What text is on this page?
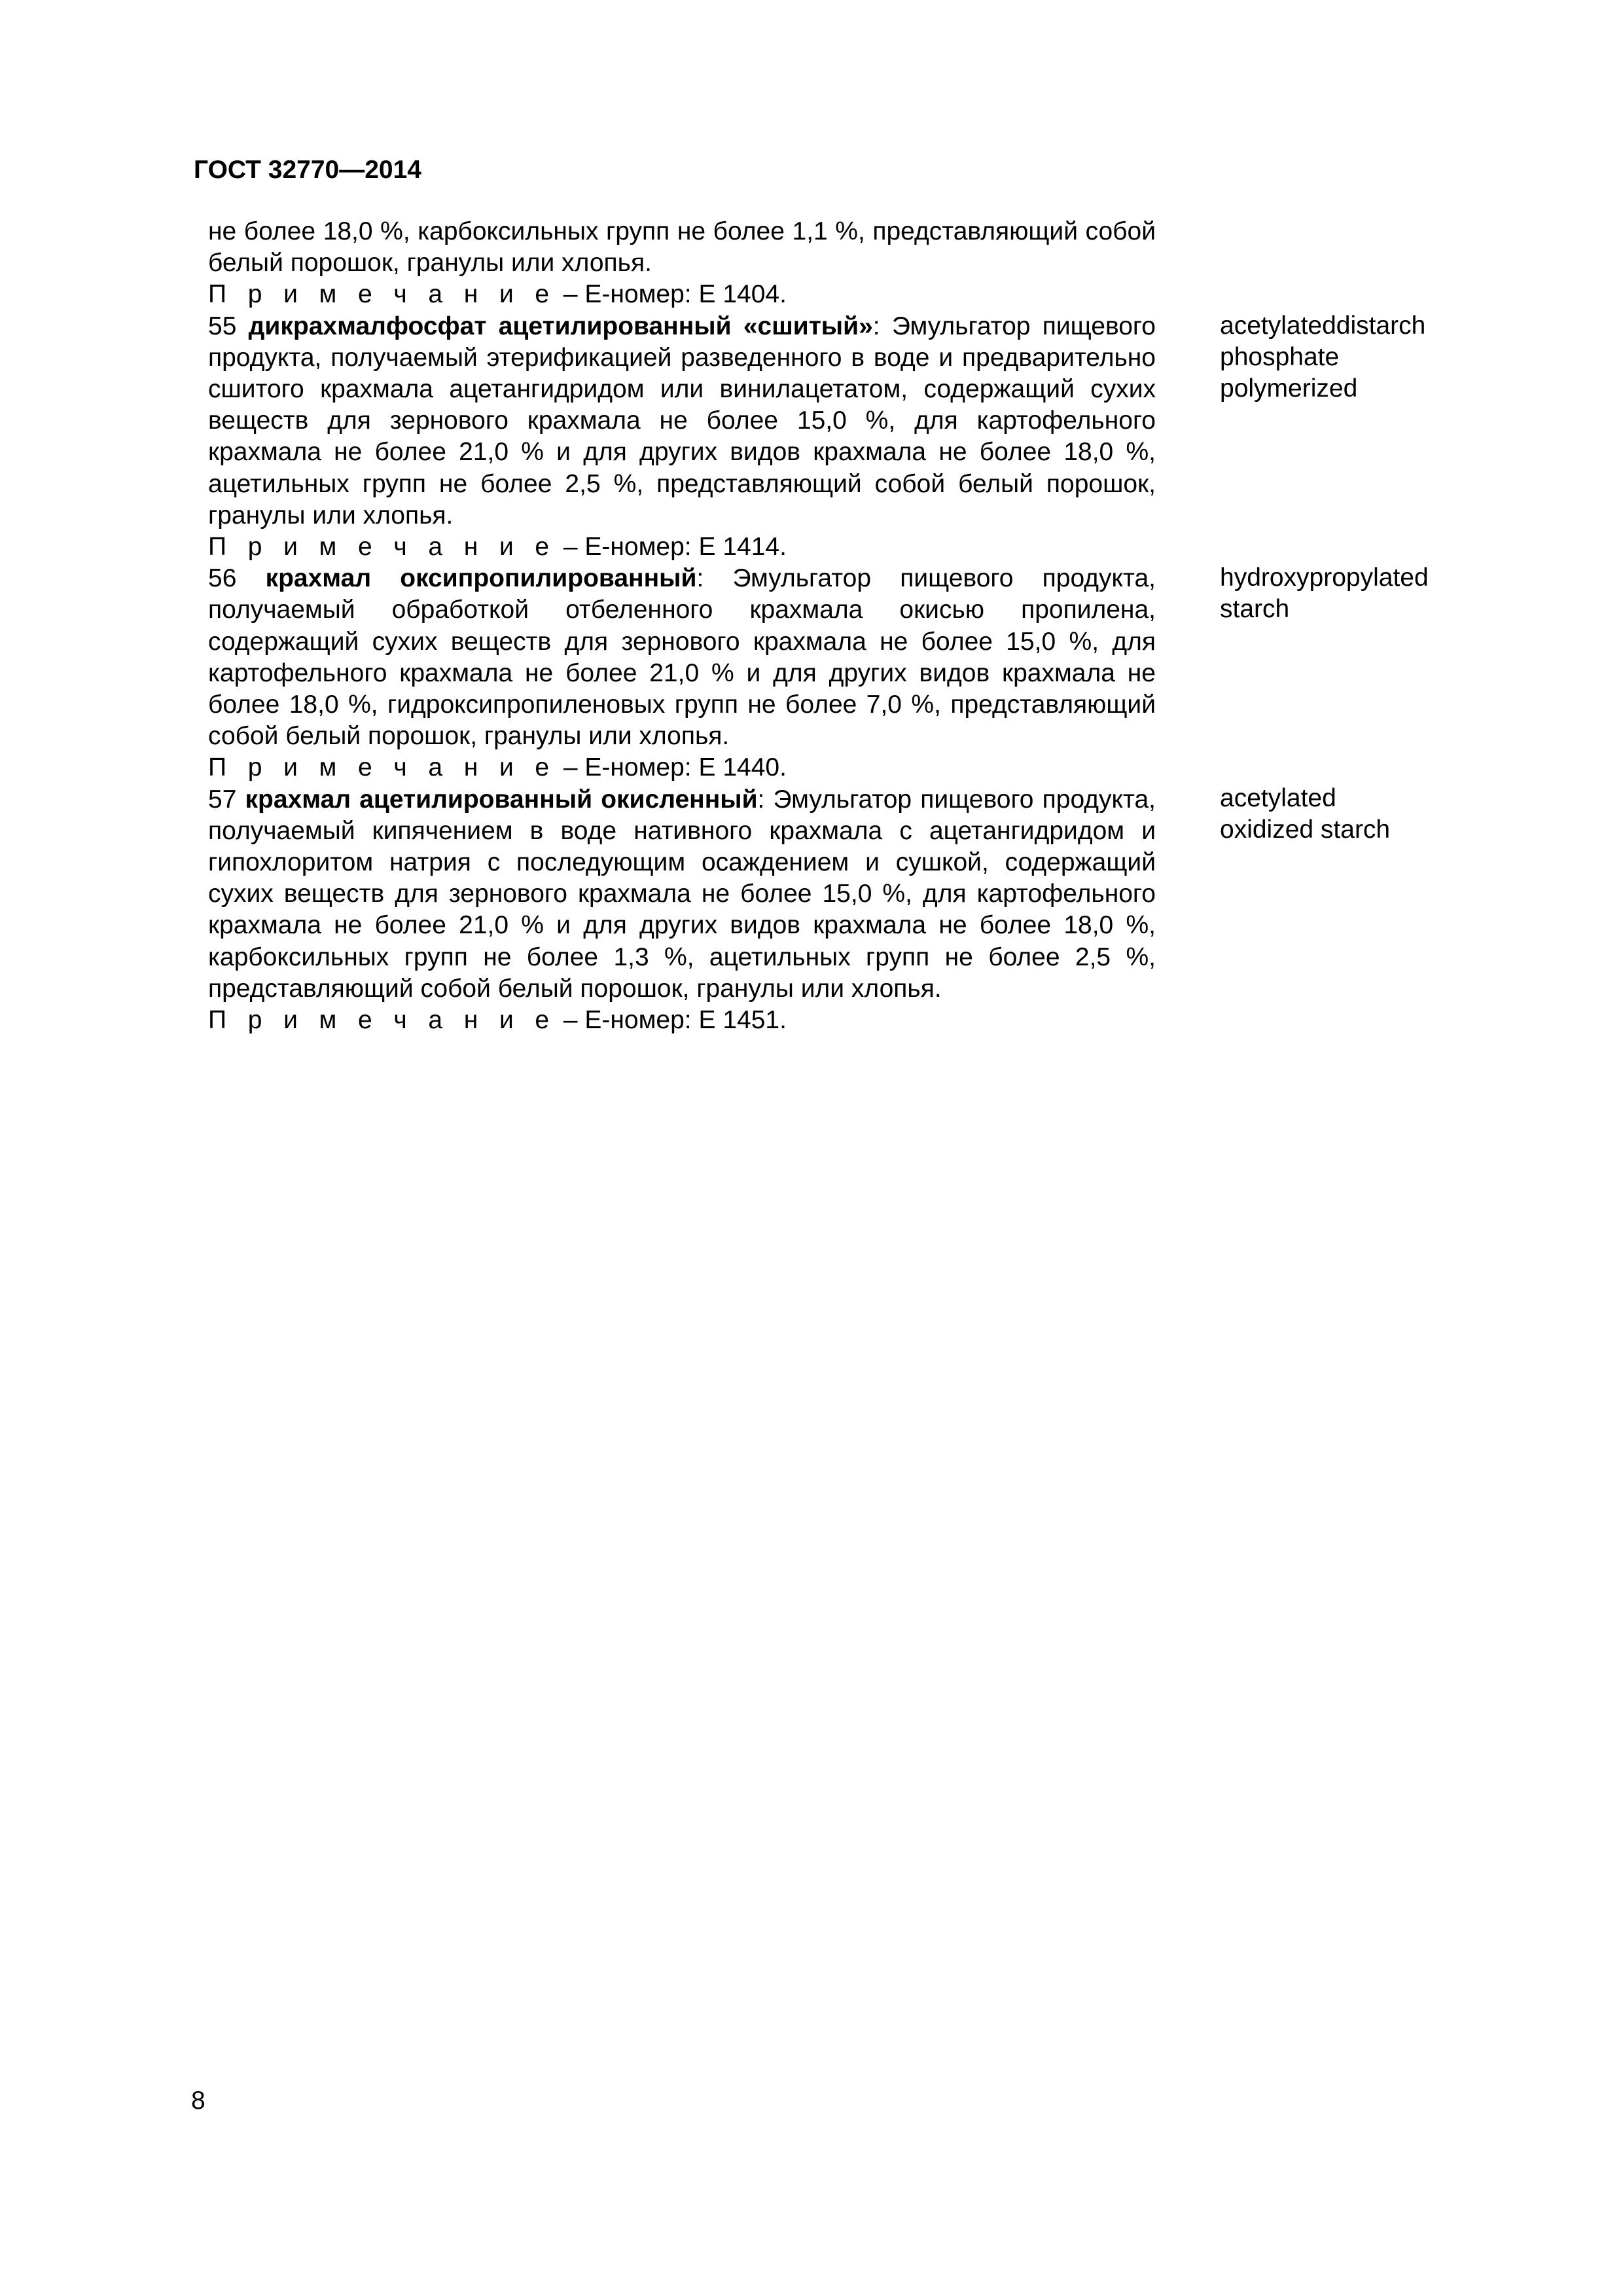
ГОСТ 32770—2014

не более 18,0 %, карбоксильных групп не более 1,1 %, представляющий собой белый порошок, гранулы или хлопья.

П р и м е ч а н и е – Е-номер: Е 1404.

55 дикрахмалфосфат ацетилированный «сшитый»: Эмульгатор пищевого продукта, получаемый этерификацией разведенного в воде и предварительно сшитого крахмала ацетангидридом или винилацетатом, содержащий сухих веществ для зернового крахмала не более 15,0 %, для картофельного крахмала не более 21,0 % и для других видов крахмала не более 18,0 %, ацетильных групп не более 2,5 %, представляющий собой белый порошок, гранулы или хлопья.

П р и м е ч а н и е – Е-номер: Е 1414.

56 крахмал оксипропилированный: Эмульгатор пищевого продукта, получаемый обработкой отбеленного крахмала окисью пропилена, содержащий сухих веществ для зернового крахмала не более 15,0 %, для картофельного крахмала не более 21,0 % и для других видов крахмала не более 18,0 %, гидроксипропиленовых групп не более 7,0 %, представляющий собой белый порошок, гранулы или хлопья.

П р и м е ч а н и е – Е-номер: Е 1440.

57 крахмал ацетилированный окисленный: Эмульгатор пищевого продукта, получаемый кипячением в воде нативного крахмала с ацетангидридом и гипохлоритом натрия с последующим осаждением и сушкой, содержащий сухих веществ для зернового крахмала не более 15,0 %, для картофельного крахмала не более 21,0 % и для других видов крахмала не более 18,0 %, карбоксильных групп не более 1,3 %, ацетильных групп не более 2,5 %, представляющий собой белый порошок, гранулы или хлопья.

П р и м е ч а н и е – Е-номер: Е 1451.

acetylateddistarch
phosphate
polymerized
hydroxypropylated
starch
acetylated
oxidized starch
8
